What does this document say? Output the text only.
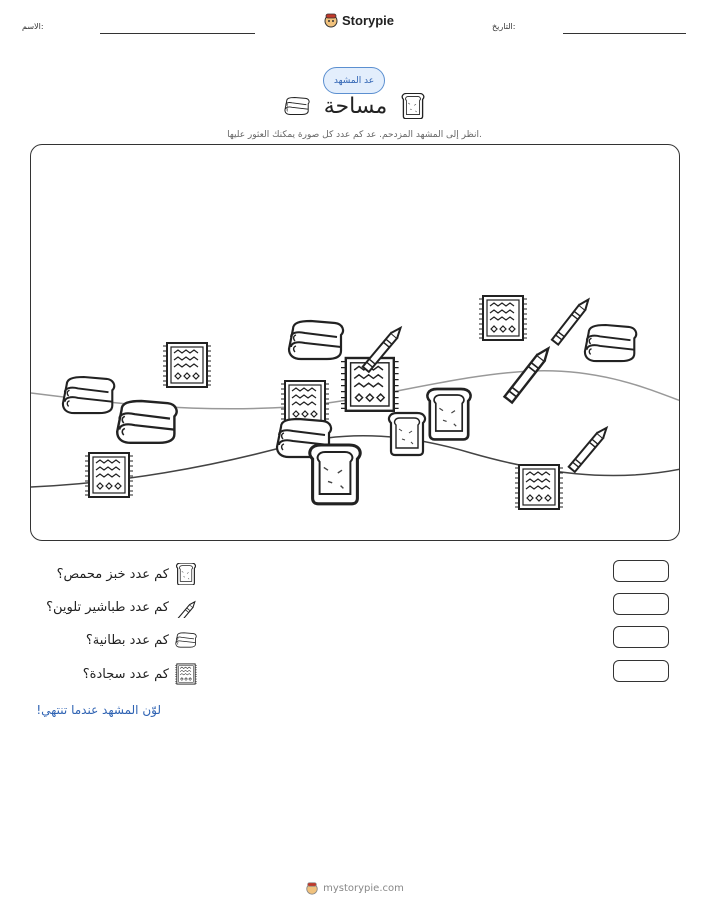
الاسم:	Storypie	التاريخ:
عد المشهد
مساحة
انظر إلى المشهد المزدحم. عد كم عدد كل صورة يمكنك العثور عليها.
كم عدد خبز محمص؟
كم عدد طباشير تلوين؟
كم عدد بطانية؟
كم عدد سجادة؟
لوّن المشهد عندما تنتهي!
mystorypie.com
